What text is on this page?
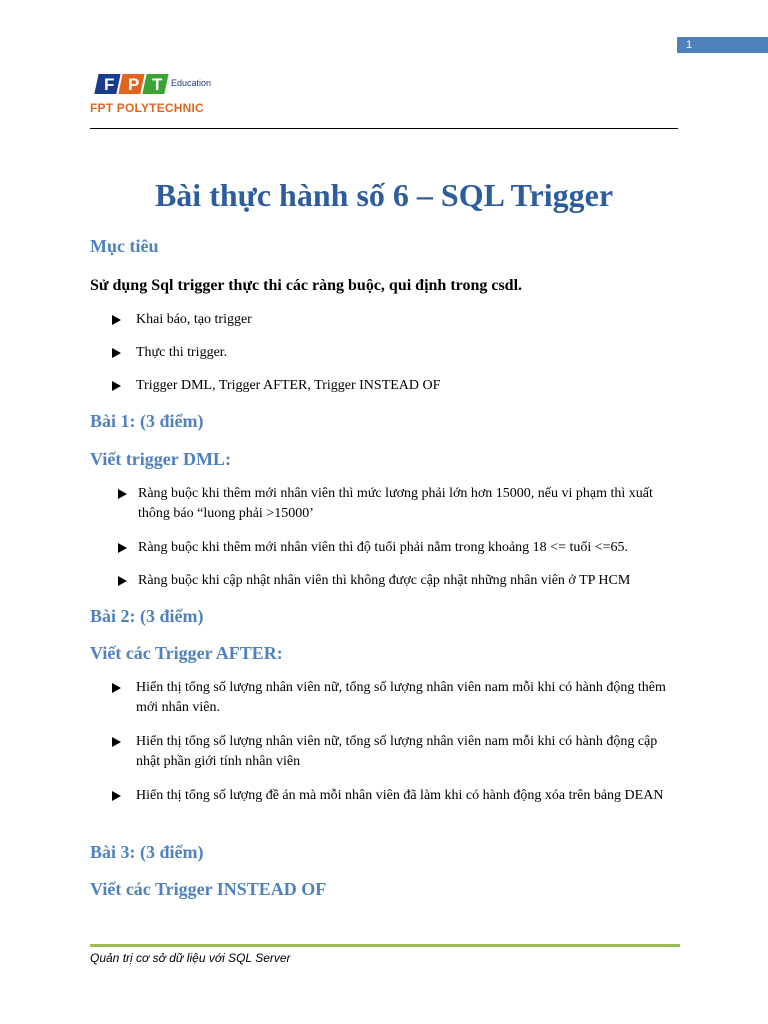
1
F P T Education
FPT POLYTECHNIC
Bài thực hành số 6 – SQL Trigger
Mục tiêu
Sử dụng Sql trigger thực thi các ràng buộc, qui định trong csdl.
Khai báo, tạo trigger
Thực thi trigger.
Trigger DML, Trigger AFTER, Trigger INSTEAD OF
Bài 1: (3 điểm)
Viết trigger DML:
Ràng buộc khi thêm mới nhân viên thì mức lương phải lớn hơn 15000, nếu vi phạm thì xuất thông báo “luong phải >15000’
Ràng buộc khi thêm mới nhân viên thì độ tuổi phải nằm trong khoảng 18 <= tuổi <=65.
Ràng buộc khi cập nhật nhân viên thì không được cập nhật những nhân viên ở TP HCM
Bài 2: (3 điểm)
Viết các Trigger AFTER:
Hiển thị tổng số lượng nhân viên nữ, tổng số lượng nhân viên nam mỗi khi có hành động thêm mới nhân viên.
Hiển thị tổng số lượng nhân viên nữ, tổng số lượng nhân viên nam mỗi khi có hành động cập nhật phần giới tính nhân viên
Hiển thị tổng số lượng đề án mà mỗi nhân viên đã làm khi có hành động xóa trên bảng DEAN
Bài 3: (3 điểm)
Viết các Trigger INSTEAD OF
Quản trị cơ sở dữ liệu với SQL Server
